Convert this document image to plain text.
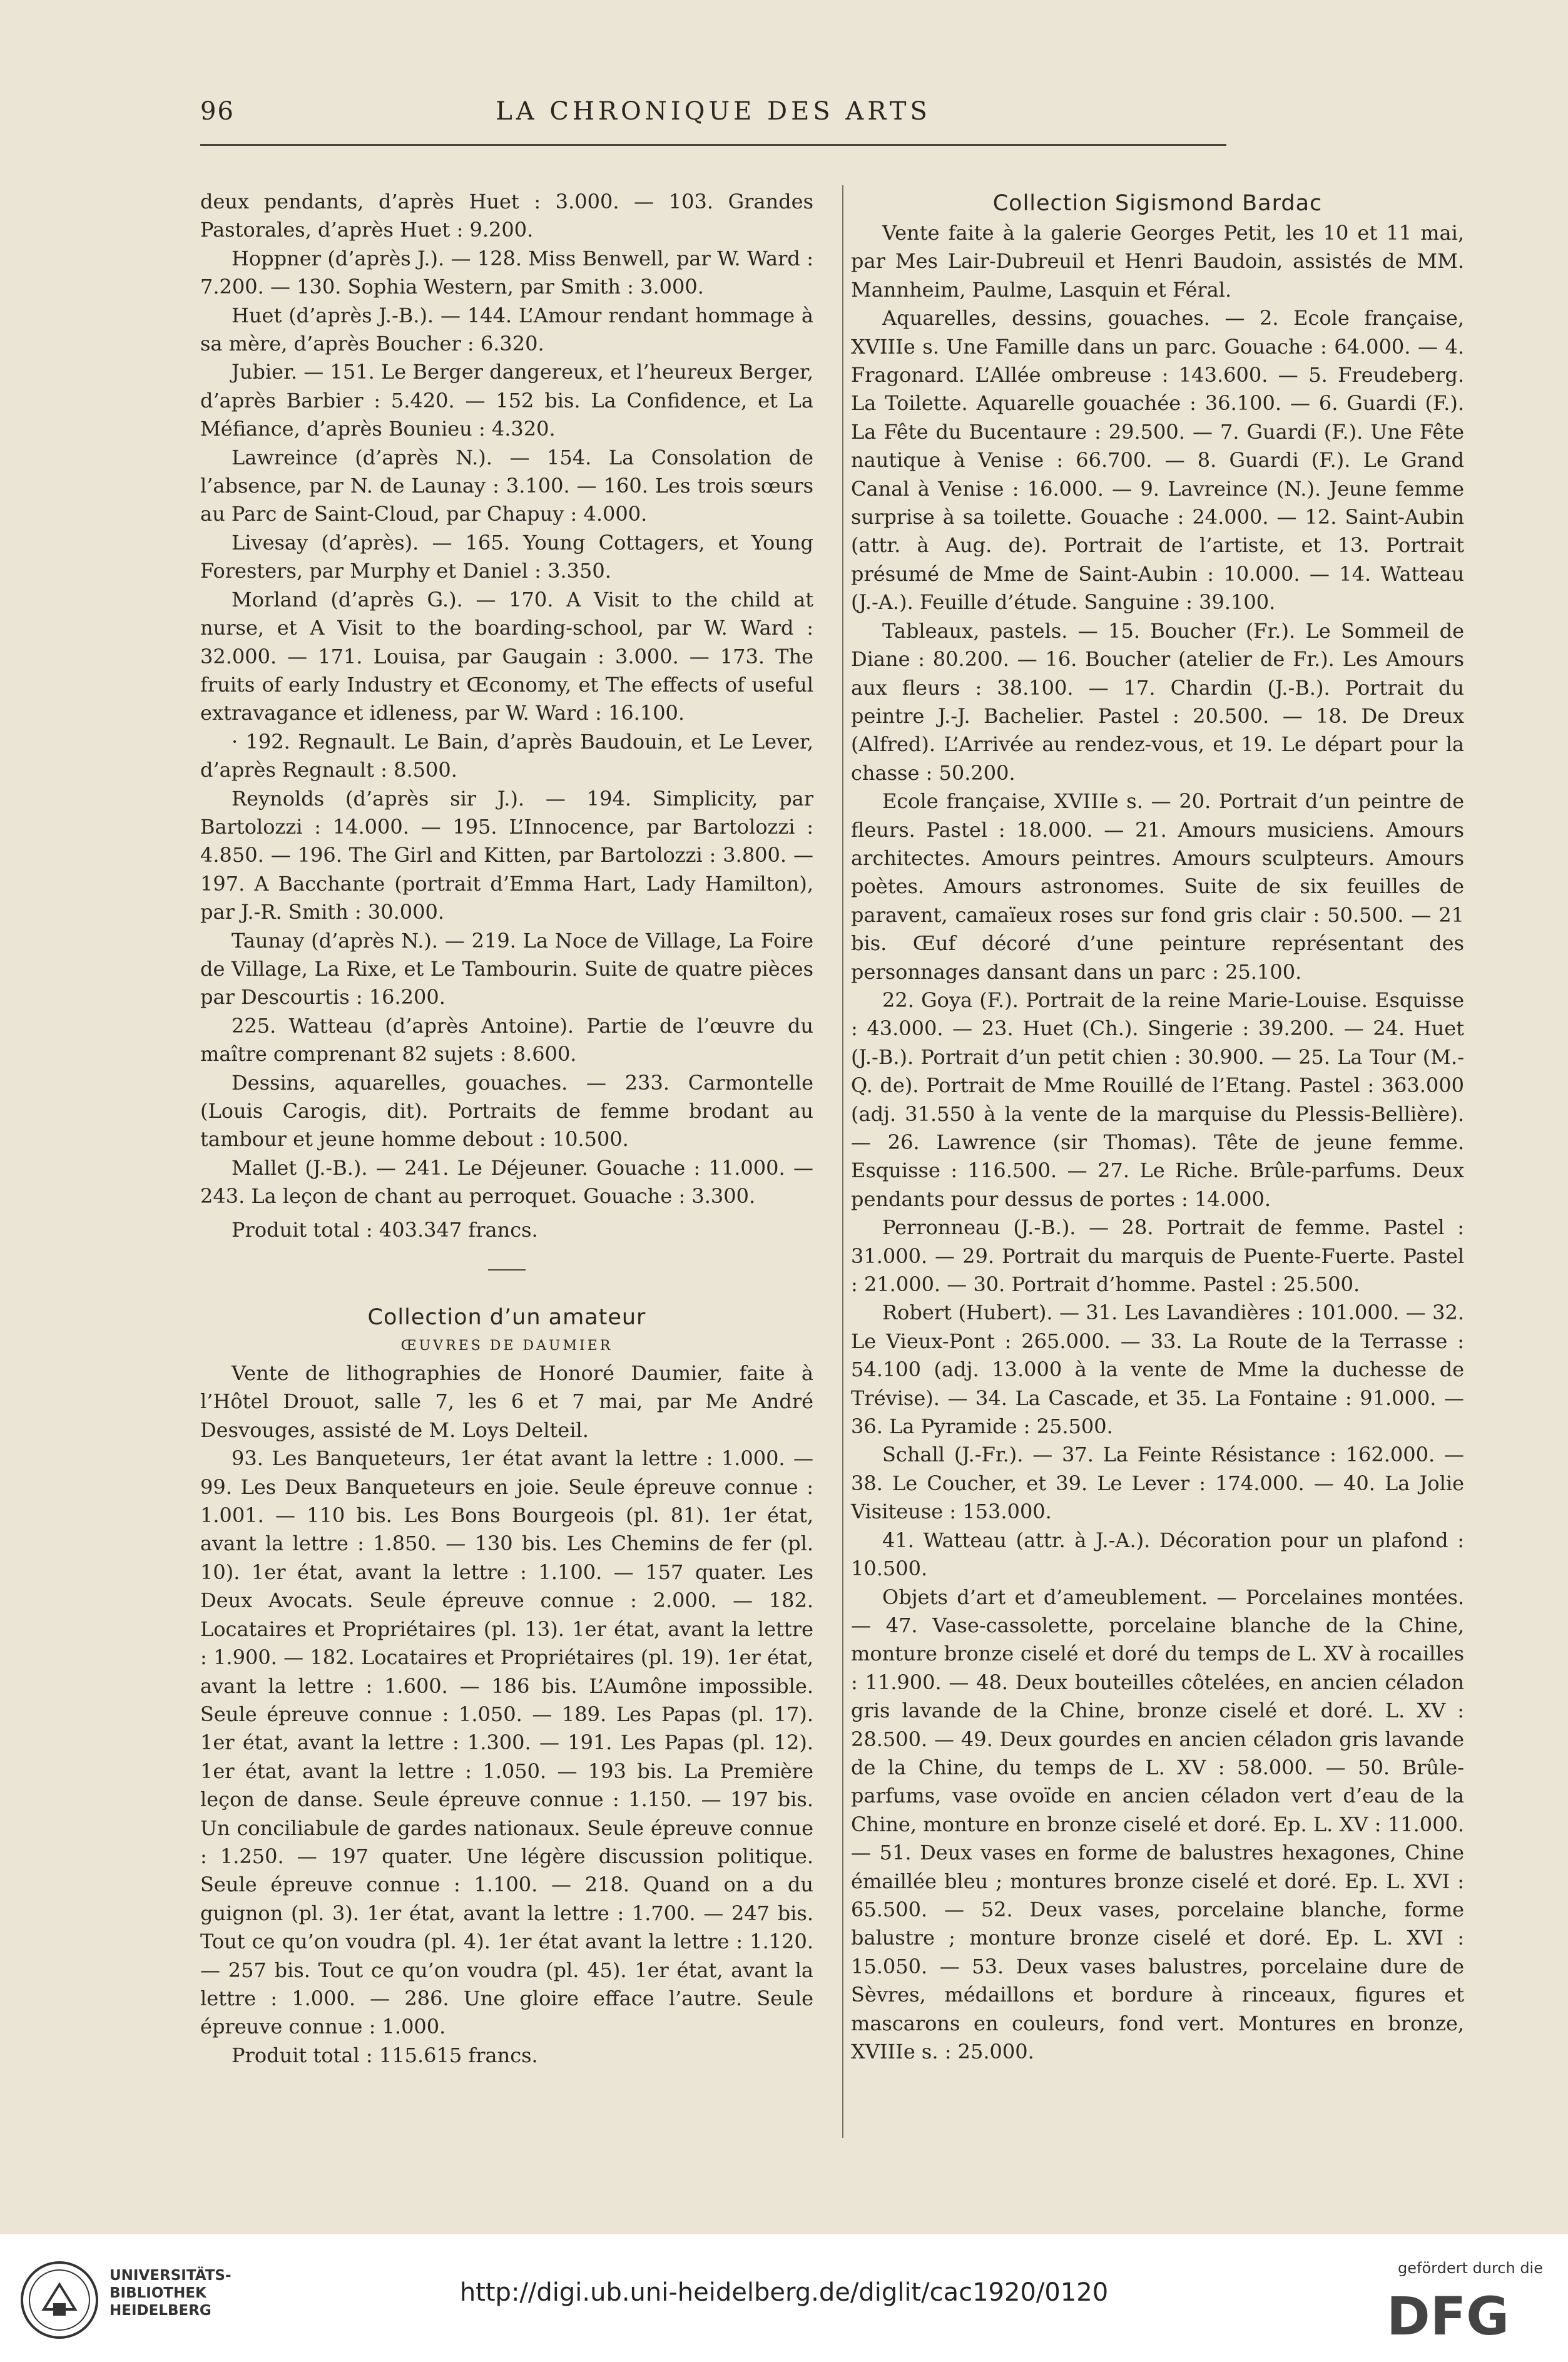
96	LA CHRONIQUE DES ARTS

deux pendants, d’après Huet : 3.000. — 103. Grandes Pastorales, d’après Huet : 9.200.

Hoppner (d’après J.). — 128. Miss Benwell, par W. Ward : 7.200. — 130. Sophia Western, par Smith : 3.000.

Huet (d’après J.-B.). — 144. L’Amour rendant hommage à sa mère, d’après Boucher : 6.320.

Jubier. — 151. Le Berger dangereux, et l’heureux Berger, d’après Barbier : 5.420. — 152 bis. La Confidence, et La Méfiance, d’après Bounieu : 4.320.

Lawreince (d’après N.). — 154. La Consolation de l’absence, par N. de Launay : 3.100. — 160. Les trois sœurs au Parc de Saint-Cloud, par Chapuy : 4.000.

Livesay (d’après). — 165. Young Cottagers, et Young Foresters, par Murphy et Daniel : 3.350.

Morland (d’après G.). — 170. A Visit to the child at nurse, et A Visit to the boarding-school, par W. Ward : 32.000. — 171. Louisa, par Gaugain : 3.000. — 173. The fruits of early Industry et Œconomy, et The effects of useful extravagance et idleness, par W. Ward : 16.100.

· 192. Regnault. Le Bain, d’après Baudouin, et Le Lever, d’après Regnault : 8.500.

Reynolds (d’après sir J.). — 194. Simplicity, par Bartolozzi : 14.000. — 195. L’Innocence, par Bartolozzi : 4.850. — 196. The Girl and Kitten, par Bartolozzi : 3.800. — 197. A Bacchante (portrait d’Emma Hart, Lady Hamilton), par J.-R. Smith : 30.000.

Taunay (d’après N.). — 219. La Noce de Village, La Foire de Village, La Rixe, et Le Tambourin. Suite de quatre pièces par Descourtis : 16.200.

225. Watteau (d’après Antoine). Partie de l’œuvre du maître comprenant 82 sujets : 8.600.

Dessins, aquarelles, gouaches. — 233. Carmontelle (Louis Carogis, dit). Portraits de femme brodant au tambour et jeune homme debout : 10.500.

Mallet (J.-B.). — 241. Le Déjeuner. Gouache : 11.000. — 243. La leçon de chant au perroquet. Gouache : 3.300.

Produit total : 403.347 francs.

Collection d’un amateur
ŒUVRES DE DAUMIER

Vente de lithographies de Honoré Daumier, faite à l’Hôtel Drouot, salle 7, les 6 et 7 mai, par Me André Desvouges, assisté de M. Loys Delteil.

93. Les Banqueteurs, 1er état avant la lettre : 1.000. — 99. Les Deux Banqueteurs en joie. Seule épreuve connue : 1.001. — 110 bis. Les Bons Bourgeois (pl. 81). 1er état, avant la lettre : 1.850. — 130 bis. Les Chemins de fer (pl. 10). 1er état, avant la lettre : 1.100. — 157 quater. Les Deux Avocats. Seule épreuve connue : 2.000. — 182. Locataires et Propriétaires (pl. 13). 1er état, avant la lettre : 1.900. — 182. Locataires et Propriétaires (pl. 19). 1er état, avant la lettre : 1.600. — 186 bis. L’Aumône impossible. Seule épreuve connue : 1.050. — 189. Les Papas (pl. 17). 1er état, avant la lettre : 1.300. — 191. Les Papas (pl. 12). 1er état, avant la lettre : 1.050. — 193 bis. La Première leçon de danse. Seule épreuve connue : 1.150. — 197 bis. Un conciliabule de gardes nationaux. Seule épreuve connue : 1.250. — 197 quater. Une légère discussion politique. Seule épreuve connue : 1.100. — 218. Quand on a du guignon (pl. 3). 1er état, avant la lettre : 1.700. — 247 bis. Tout ce qu’on voudra (pl. 4). 1er état avant la lettre : 1.120. — 257 bis. Tout ce qu’on voudra (pl. 45). 1er état, avant la lettre : 1.000. — 286. Une gloire efface l’autre. Seule épreuve connue : 1.000.

Produit total : 115.615 francs.

Collection Sigismond Bardac

Vente faite à la galerie Georges Petit, les 10 et 11 mai, par Mes Lair-Dubreuil et Henri Baudoin, assistés de MM. Mannheim, Paulme, Lasquin et Féral.

Aquarelles, dessins, gouaches. — 2. Ecole française, XVIIIe s. Une Famille dans un parc. Gouache : 64.000. — 4. Fragonard. L’Allée ombreuse : 143.600. — 5. Freudeberg. La Toilette. Aquarelle gouachée : 36.100. — 6. Guardi (F.). La Fête du Bucentaure : 29.500. — 7. Guardi (F.). Une Fête nautique à Venise : 66.700. — 8. Guardi (F.). Le Grand Canal à Venise : 16.000. — 9. Lavreince (N.). Jeune femme surprise à sa toilette. Gouache : 24.000. — 12. Saint-Aubin (attr. à Aug. de). Portrait de l’artiste, et 13. Portrait présumé de Mme de Saint-Aubin : 10.000. — 14. Watteau (J.-A.). Feuille d’étude. Sanguine : 39.100.

Tableaux, pastels. — 15. Boucher (Fr.). Le Sommeil de Diane : 80.200. — 16. Boucher (atelier de Fr.). Les Amours aux fleurs : 38.100. — 17. Chardin (J.-B.). Portrait du peintre J.-J. Bachelier. Pastel : 20.500. — 18. De Dreux (Alfred). L’Arrivée au rendez-vous, et 19. Le départ pour la chasse : 50.200.

Ecole française, XVIIIe s. — 20. Portrait d’un peintre de fleurs. Pastel : 18.000. — 21. Amours musiciens. Amours architectes. Amours peintres. Amours sculpteurs. Amours poètes. Amours astronomes. Suite de six feuilles de paravent, camaïeux roses sur fond gris clair : 50.500. — 21 bis. Œuf décoré d’une peinture représentant des personnages dansant dans un parc : 25.100.

22. Goya (F.). Portrait de la reine Marie-Louise. Esquisse : 43.000. — 23. Huet (Ch.). Singerie : 39.200. — 24. Huet (J.-B.). Portrait d’un petit chien : 30.900. — 25. La Tour (M.-Q. de). Portrait de Mme Rouillé de l’Etang. Pastel : 363.000 (adj. 31.550 à la vente de la marquise du Plessis-Bellière). — 26. Lawrence (sir Thomas). Tête de jeune femme. Esquisse : 116.500. — 27. Le Riche. Brûle-parfums. Deux pendants pour dessus de portes : 14.000.

Perronneau (J.-B.). — 28. Portrait de femme. Pastel : 31.000. — 29. Portrait du marquis de Puente-Fuerte. Pastel : 21.000. — 30. Portrait d’homme. Pastel : 25.500.

Robert (Hubert). — 31. Les Lavandières : 101.000. — 32. Le Vieux-Pont : 265.000. — 33. La Route de la Terrasse : 54.100 (adj. 13.000 à la vente de Mme la duchesse de Trévise). — 34. La Cascade, et 35. La Fontaine : 91.000. — 36. La Pyramide : 25.500.

Schall (J.-Fr.). — 37. La Feinte Résistance : 162.000. — 38. Le Coucher, et 39. Le Lever : 174.000. — 40. La Jolie Visiteuse : 153.000.

41. Watteau (attr. à J.-A.). Décoration pour un plafond : 10.500.

Objets d’art et d’ameublement. — Porcelaines montées. — 47. Vase-cassolette, porcelaine blanche de la Chine, monture bronze ciselé et doré du temps de L. XV à rocailles : 11.900. — 48. Deux bouteilles côtelées, en ancien céladon gris lavande de la Chine, bronze ciselé et doré. L. XV : 28.500. — 49. Deux gourdes en ancien céladon gris lavande de la Chine, du temps de L. XV : 58.000. — 50. Brûle-parfums, vase ovoïde en ancien céladon vert d’eau de la Chine, monture en bronze ciselé et doré. Ep. L. XV : 11.000. — 51. Deux vases en forme de balustres hexagones, Chine émaillée bleu ; montures bronze ciselé et doré. Ep. L. XVI : 65.500. — 52. Deux vases, porcelaine blanche, forme balustre ; monture bronze ciselé et doré. Ep. L. XVI : 15.050. — 53. Deux vases balustres, porcelaine dure de Sèvres, médaillons et bordure à rinceaux, figures et mascarons en couleurs, fond vert. Montures en bronze, XVIIIe s. : 25.000.

UNIVERSITÄTS-
BIBLIOTHEK
HEIDELBERG
http://digi.ub.uni-heidelberg.de/diglit/cac1920/0120
gefördert durch die
DFG
